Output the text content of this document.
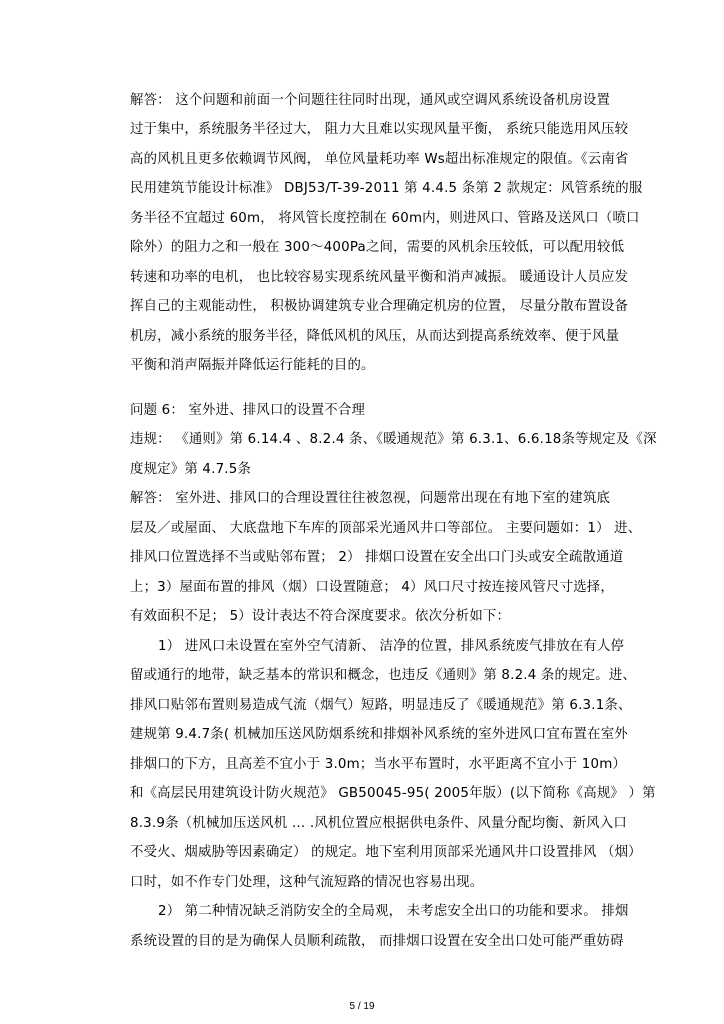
解答： 这个问题和前面一个问题往往同时出现，通风或空调风系统设备机房设置
过于集中，系统服务半径过大， 阻力大且难以实现风量平衡， 系统只能选用风压较
高的风机且更多依赖调节风阀， 单位风量耗功率 Ws超出标准规定的限值。《云南省
民用建筑节能设计标准》 DBJ53/T-39-2011 第 4.4.5 条第 2 款规定：风管系统的服
务半径不宜超过 60m， 将风管长度控制在 60m内，则进风口、管路及送风口（喷口
除外）的阻力之和一般在 300～400Pa之间，需要的风机余压较低，可以配用较低
转速和功率的电机， 也比较容易实现系统风量平衡和消声减振。 暖通设计人员应发
挥自己的主观能动性， 积极协调建筑专业合理确定机房的位置， 尽量分散布置设备
机房，减小系统的服务半径，降低风机的风压，从而达到提高系统效率、便于风量
平衡和消声隔振并降低运行能耗的目的。
问题 6： 室外进、排风口的设置不合理
违规： 《通则》第 6.14.4 、8.2.4 条、《暖通规范》第 6.3.1、6.6.18条等规定及《深
度规定》第 4.7.5条
解答： 室外进、排风口的合理设置往往被忽视，问题常出现在有地下室的建筑底
层及／或屋面、 大底盘地下车库的顶部采光通风井口等部位。 主要问题如：1） 进、
排风口位置选择不当或贴邻布置； 2） 排烟口设置在安全出口门头或安全疏散通道
上；3）屋面布置的排风（烟）口设置随意； 4）风口尺寸按连接风管尺寸选择，
有效面积不足； 5）设计表达不符合深度要求。依次分析如下：
1） 进风口未设置在室外空气清新、 洁净的位置，排风系统废气排放在有人停
留或通行的地带，缺乏基本的常识和概念，也违反《通则》第 8.2.4 条的规定。进、
排风口贴邻布置则易造成气流（烟气）短路，明显违反了《暖通规范》第 6.3.1条、
建规第 9.4.7条( 机械加压送风防烟系统和排烟补风系统的室外进风口宜布置在室外
排烟口的下方，且高差不宜小于 3.0m；当水平布置时，水平距离不宜小于 10m）
和《高层民用建筑设计防火规范》 GB50045-95( 2005年版）(以下简称《高规》 ）第
8.3.9条（机械加压送风机 … .风机位置应根据供电条件、风量分配均衡、新风入口
不受火、烟威胁等因素确定） 的规定。地下室利用顶部采光通风井口设置排风 （烟）
口时，如不作专门处理，这种气流短路的情况也容易出现。
2） 第二种情况缺乏消防安全的全局观， 未考虑安全出口的功能和要求。 排烟
系统设置的目的是为确保人员顺利疏散， 而排烟口设置在安全出口处可能严重妨碍
5 / 19
